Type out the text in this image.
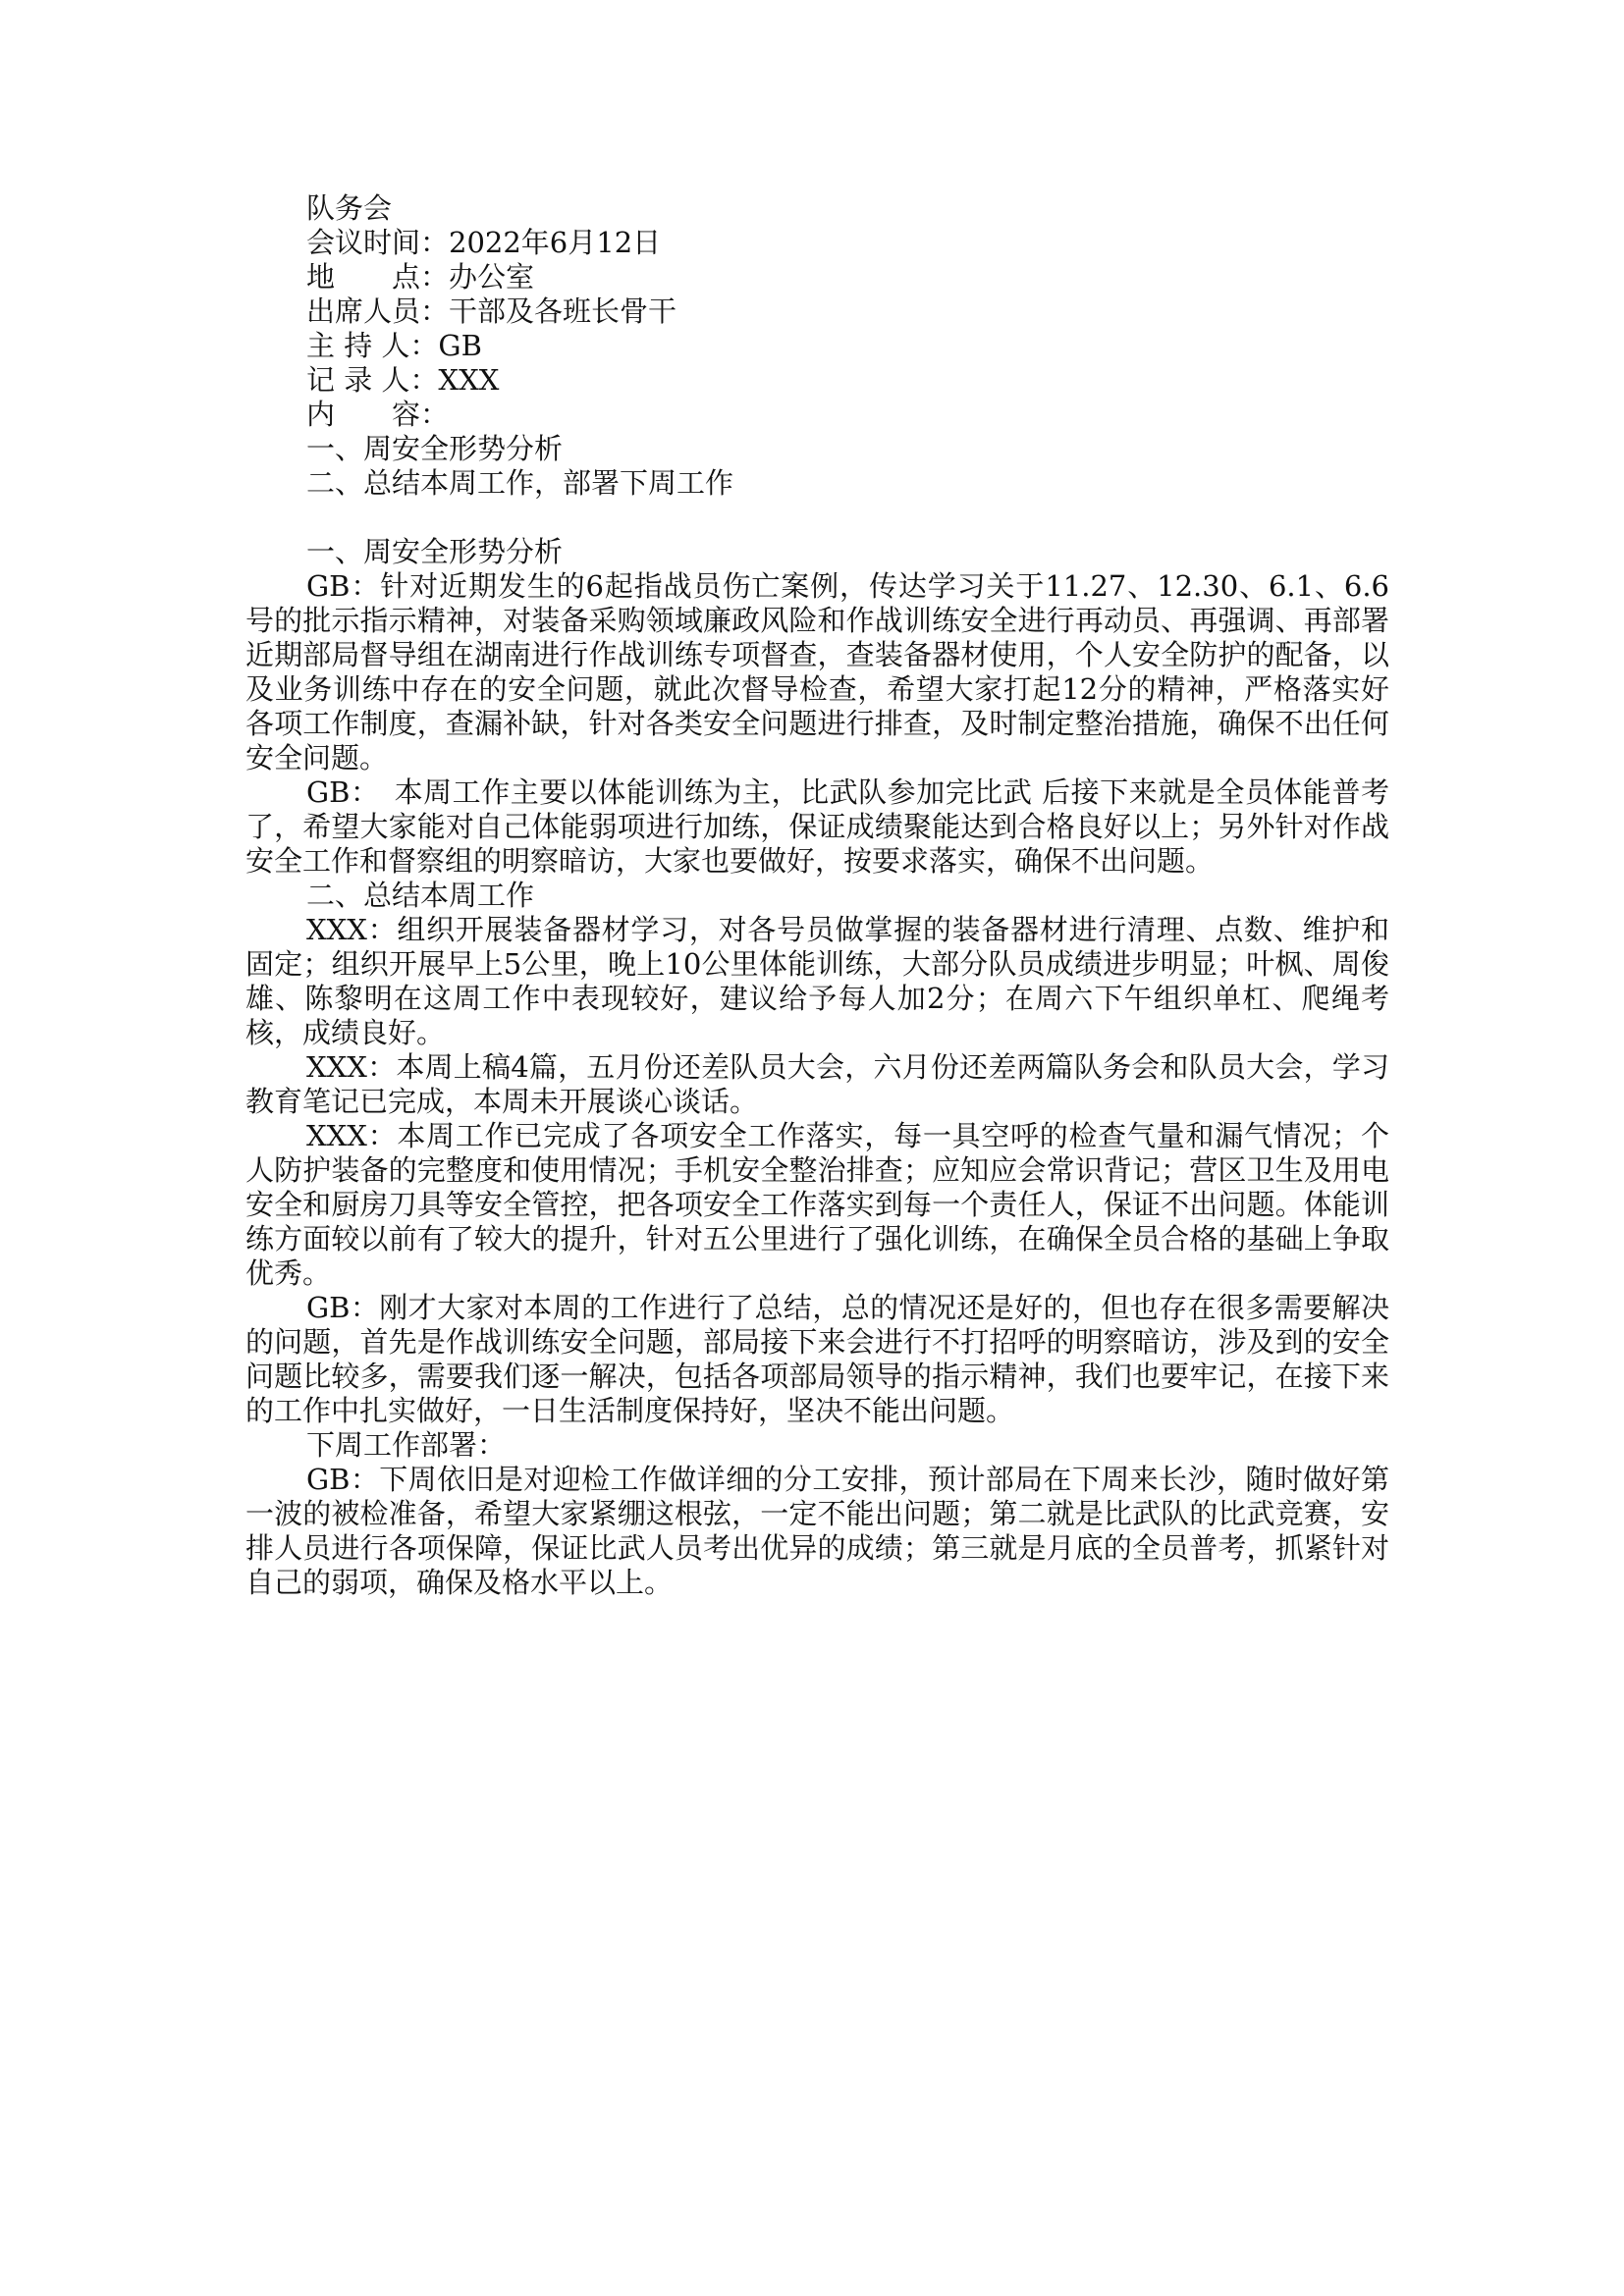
队务会

会议时间：2022年6月12日

地　　点：办公室

出席人员：干部及各班长骨干

主 持 人：GB

记 录 人：XXX

内　　容：

一、周安全形势分析

二、总结本周工作，部署下周工作

一、周安全形势分析

GB：针对近期发生的6起指战员伤亡案例，传达学习关于11.27、12.30、6.1、6.6号的批示指示精神，对装备采购领域廉政风险和作战训练安全进行再动员、再强调、再部署近期部局督导组在湖南进行作战训练专项督查，查装备器材使用，个人安全防护的配备，以及业务训练中存在的安全问题，就此次督导检查，希望大家打起12分的精神，严格落实好各项工作制度，查漏补缺，针对各类安全问题进行排查，及时制定整治措施，确保不出任何安全问题。

GB：　本周工作主要以体能训练为主，比武队参加完比武 后接下来就是全员体能普考了，希望大家能对自己体能弱项进行加练，保证成绩聚能达到合格良好以上；另外针对作战安全工作和督察组的明察暗访，大家也要做好，按要求落实，确保不出问题。

二、总结本周工作

XXX：组织开展装备器材学习，对各号员做掌握的装备器材进行清理、点数、维护和固定；组织开展早上5公里，晚上10公里体能训练，大部分队员成绩进步明显；叶枫、周俊雄、陈黎明在这周工作中表现较好，建议给予每人加2分；在周六下午组织单杠、爬绳考核，成绩良好。

XXX：本周上稿4篇，五月份还差队员大会，六月份还差两篇队务会和队员大会，学习教育笔记已完成，本周未开展谈心谈话。

XXX：本周工作已完成了各项安全工作落实，每一具空呼的检查气量和漏气情况；个人防护装备的完整度和使用情况；手机安全整治排查；应知应会常识背记；营区卫生及用电安全和厨房刀具等安全管控，把各项安全工作落实到每一个责任人，保证不出问题。体能训练方面较以前有了较大的提升，针对五公里进行了强化训练，在确保全员合格的基础上争取优秀。

GB：刚才大家对本周的工作进行了总结，总的情况还是好的，但也存在很多需要解决的问题，首先是作战训练安全问题，部局接下来会进行不打招呼的明察暗访，涉及到的安全问题比较多，需要我们逐一解决，包括各项部局领导的指示精神，我们也要牢记，在接下来的工作中扎实做好，一日生活制度保持好，坚决不能出问题。

下周工作部署：

GB：下周依旧是对迎检工作做详细的分工安排，预计部局在下周来长沙，随时做好第一波的被检准备，希望大家紧绷这根弦，一定不能出问题；第二就是比武队的比武竞赛，安排人员进行各项保障，保证比武人员考出优异的成绩；第三就是月底的全员普考，抓紧针对自己的弱项，确保及格水平以上。
